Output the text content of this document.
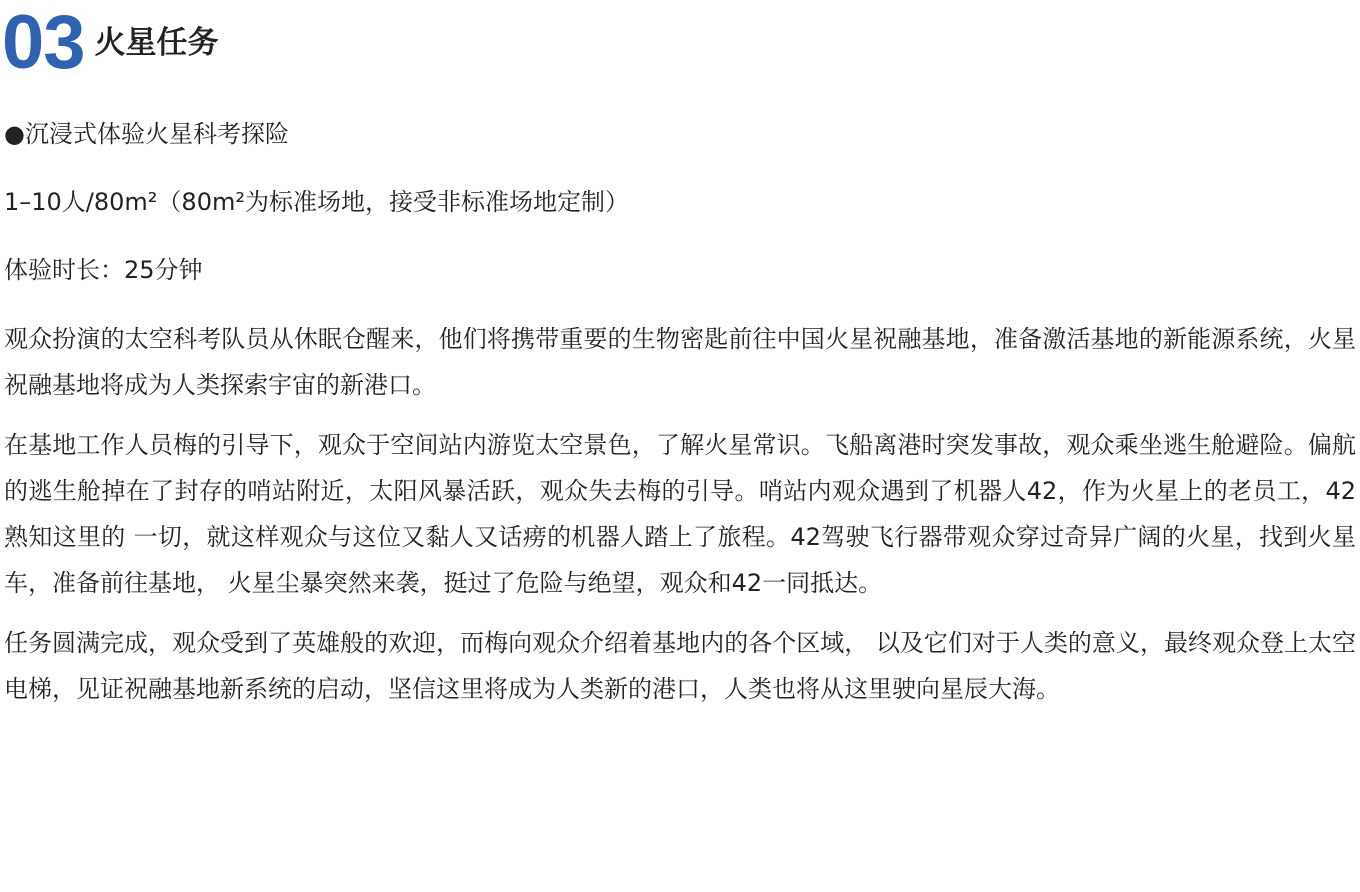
03 火星任务

●沉浸式体验火星科考探险

1–10人/80m²（80m²为标准场地，接受非标准场地定制）

体验时长：25分钟

观众扮演的太空科考队员从休眠仓醒来，他们将携带重要的生物密匙前往中国火星祝融基地，准备激活基地的新能源系统，火星祝融基地将成为人类探索宇宙的新港口。

在基地工作人员梅的引导下，观众于空间站内游览太空景色，了解火星常识。飞船离港时突发事故，观众乘坐逃生舱避险。偏航的逃生舱掉在了封存的哨站附近，太阳风暴活跃，观众失去梅的引导。哨站内观众遇到了机器人42，作为火星上的老员工，42熟知这里的 一切，就这样观众与这位又黏人又话痨的机器人踏上了旅程。42驾驶飞行器带观众穿过奇异广阔的火星，找到火星车，准备前往基地， 火星尘暴突然来袭，挺过了危险与绝望，观众和42一同抵达。

任务圆满完成，观众受到了英雄般的欢迎，而梅向观众介绍着基地内的各个区域， 以及它们对于人类的意义，最终观众登上太空电梯，见证祝融基地新系统的启动，坚信这里将成为人类新的港口，人类也将从这里驶向星辰大海。
